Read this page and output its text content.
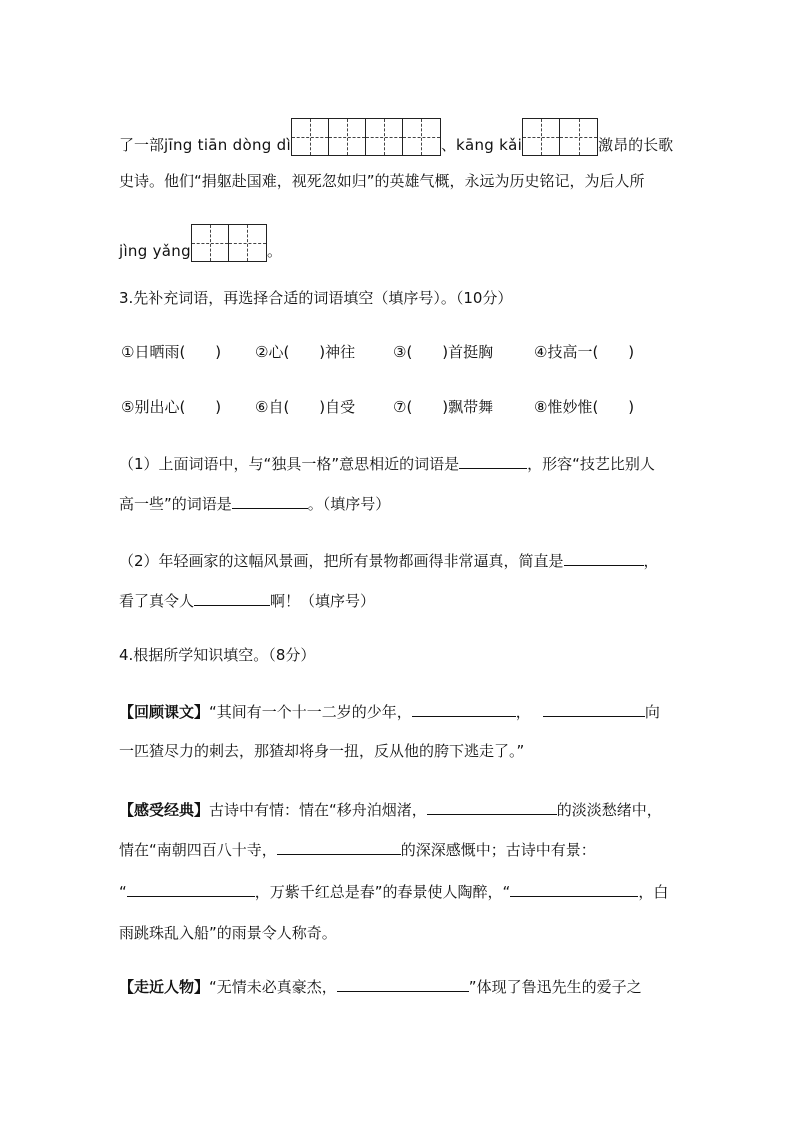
了一部jīng tiān dòng dì	、kāng kǎi	激昂的长歌
史诗。他们“捐躯赴国难，视死忽如归”的英雄气概，永远为历史铭记，为后人所
jìng yǎng	。
3.先补充词语，再选择合适的词语填空（填序号）。（10分）
①日晒雨(　　) ②心(　　)神往	③(　　)首挺胸	④技高一(　　)
⑤别出心(　　) ⑥自(　　)自受	⑦(　　)飘带舞	⑧惟妙惟(　　)
（1）上面词语中，与“独具一格”意思相近的词语是	，形容“技艺比别人
高一些”的词语是	。（填序号）
（2）年轻画家的这幅风景画，把所有景物都画得非常逼真，简直是	，
看了真令人	啊！（填序号）
4.根据所学知识填空。（8分）
【回顾课文】“其间有一个十一二岁的少年，	，	向
一匹猹尽力的刺去，那猹却将身一扭，反从他的胯下逃走了。”
【感受经典】古诗中有情：情在“移舟泊烟渚，	的淡淡愁绪中，
情在“南朝四百八十寺，	的深深感慨中；古诗中有景：
“	，万紫千红总是春”的春景使人陶醉，“	，白
雨跳珠乱入船”的雨景令人称奇。
【走近人物】“无情未必真豪杰，	”体现了鲁迅先生的爱子之
